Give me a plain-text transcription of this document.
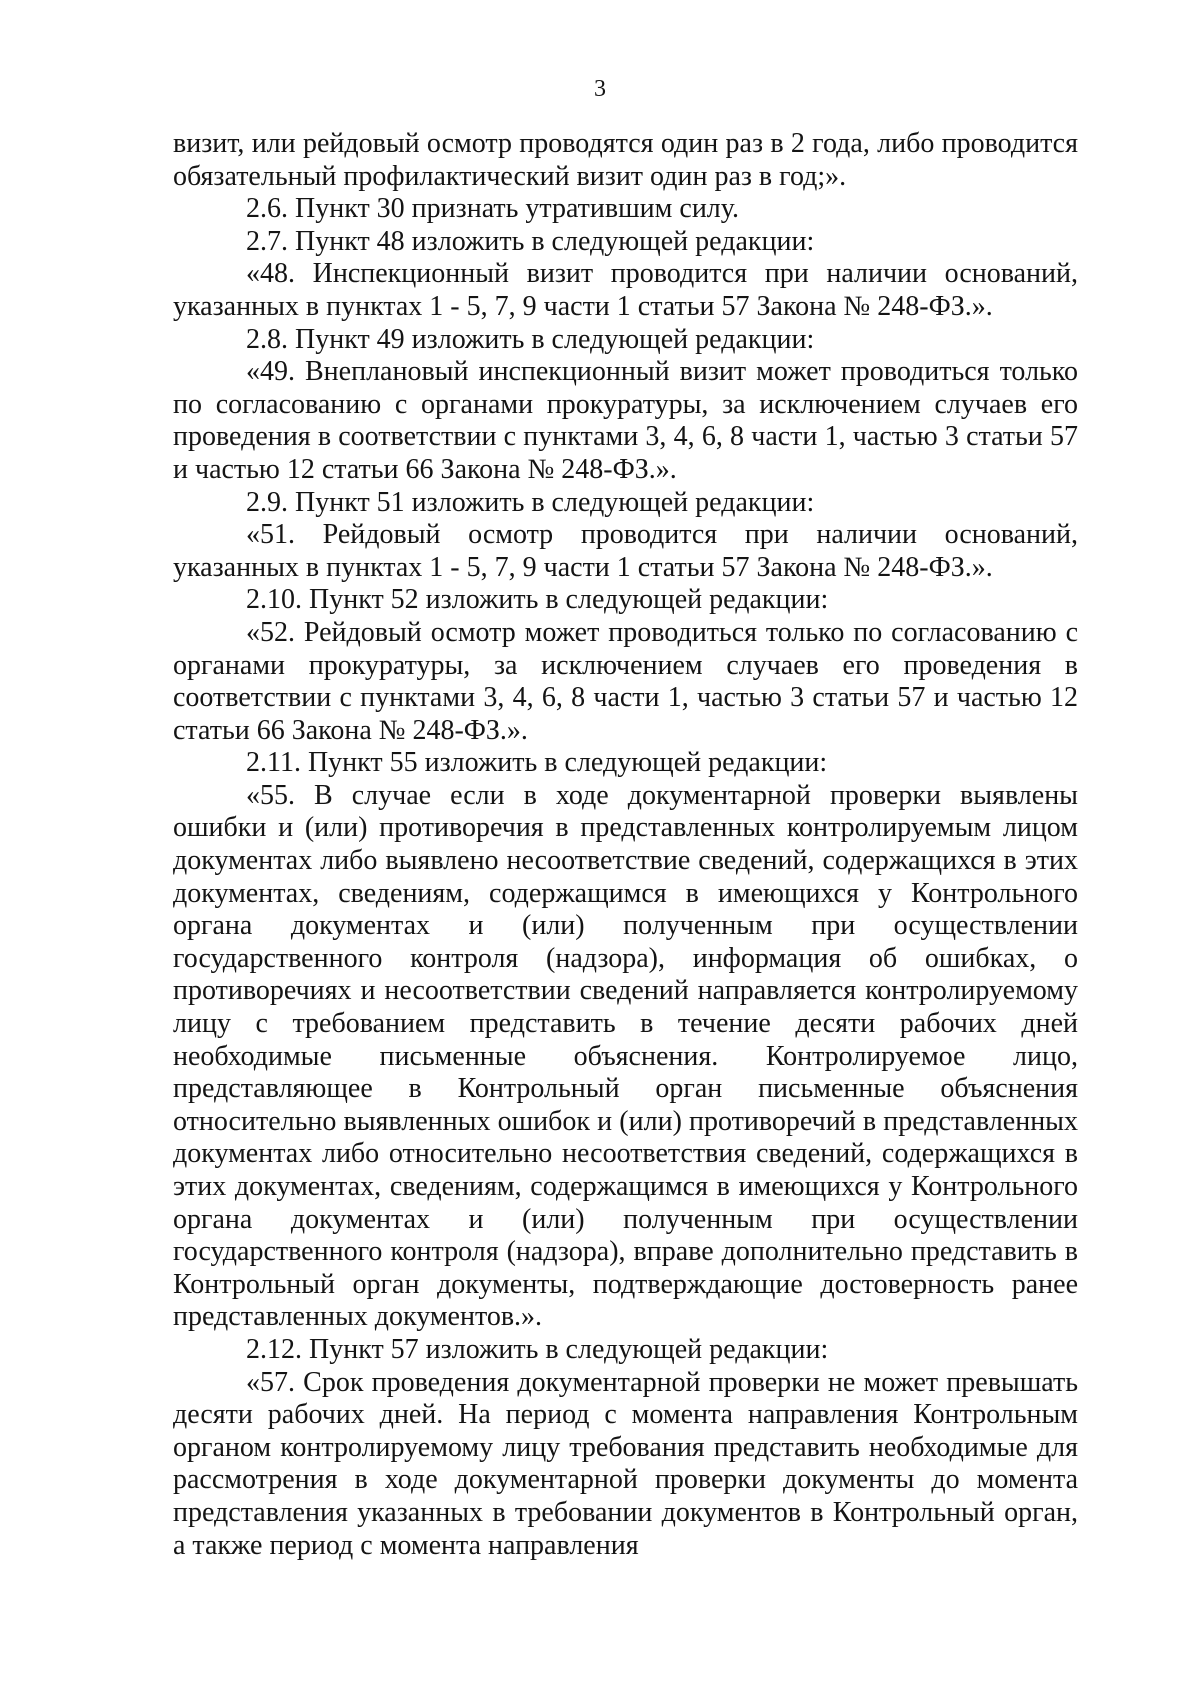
3

визит, или рейдовый осмотр проводятся один раз в 2 года, либо проводится обязательный профилактический визит один раз в год;».

2.6. Пункт 30 признать утратившим силу.

2.7. Пункт 48 изложить в следующей редакции:

«48. Инспекционный визит проводится при наличии оснований, указанных в пунктах 1 - 5, 7, 9 части 1 статьи 57 Закона № 248-ФЗ.».

2.8. Пункт 49 изложить в следующей редакции:

«49. Внеплановый инспекционный визит может проводиться только по согласованию с органами прокуратуры, за исключением случаев его проведения в соответствии с пунктами 3, 4, 6, 8 части 1, частью 3 статьи 57 и частью 12 статьи 66 Закона № 248-ФЗ.».

2.9. Пункт 51 изложить в следующей редакции:

«51. Рейдовый осмотр проводится при наличии оснований, указанных в пунктах 1 - 5, 7, 9 части 1 статьи 57 Закона № 248-ФЗ.».

2.10. Пункт 52 изложить в следующей редакции:

«52. Рейдовый осмотр может проводиться только по согласованию с органами прокуратуры, за исключением случаев его проведения в соответствии с пунктами 3, 4, 6, 8 части 1, частью 3 статьи 57 и частью 12 статьи 66 Закона № 248-ФЗ.».

2.11. Пункт 55 изложить в следующей редакции:

«55. В случае если в ходе документарной проверки выявлены ошибки и (или) противоречия в представленных контролируемым лицом документах либо выявлено несоответствие сведений, содержащихся в этих документах, сведениям, содержащимся в имеющихся у Контрольного органа документах и (или) полученным при осуществлении государственного контроля (надзора), информация об ошибках, о противоречиях и несоответствии сведений направляется контролируемому лицу с требованием представить в течение десяти рабочих дней необходимые письменные объяснения. Контролируемое лицо, представляющее в Контрольный орган письменные объяснения относительно выявленных ошибок и (или) противоречий в представленных документах либо относительно несоответствия сведений, содержащихся в этих документах, сведениям, содержащимся в имеющихся у Контрольного органа документах и (или) полученным при осуществлении государственного контроля (надзора), вправе дополнительно представить в Контрольный орган документы, подтверждающие достоверность ранее представленных документов.».

2.12. Пункт 57 изложить в следующей редакции:

«57. Срок проведения документарной проверки не может превышать десяти рабочих дней. На период с момента направления Контрольным органом контролируемому лицу требования представить необходимые для рассмотрения в ходе документарной проверки документы до момента представления указанных в требовании документов в Контрольный орган, а также период с момента направления
